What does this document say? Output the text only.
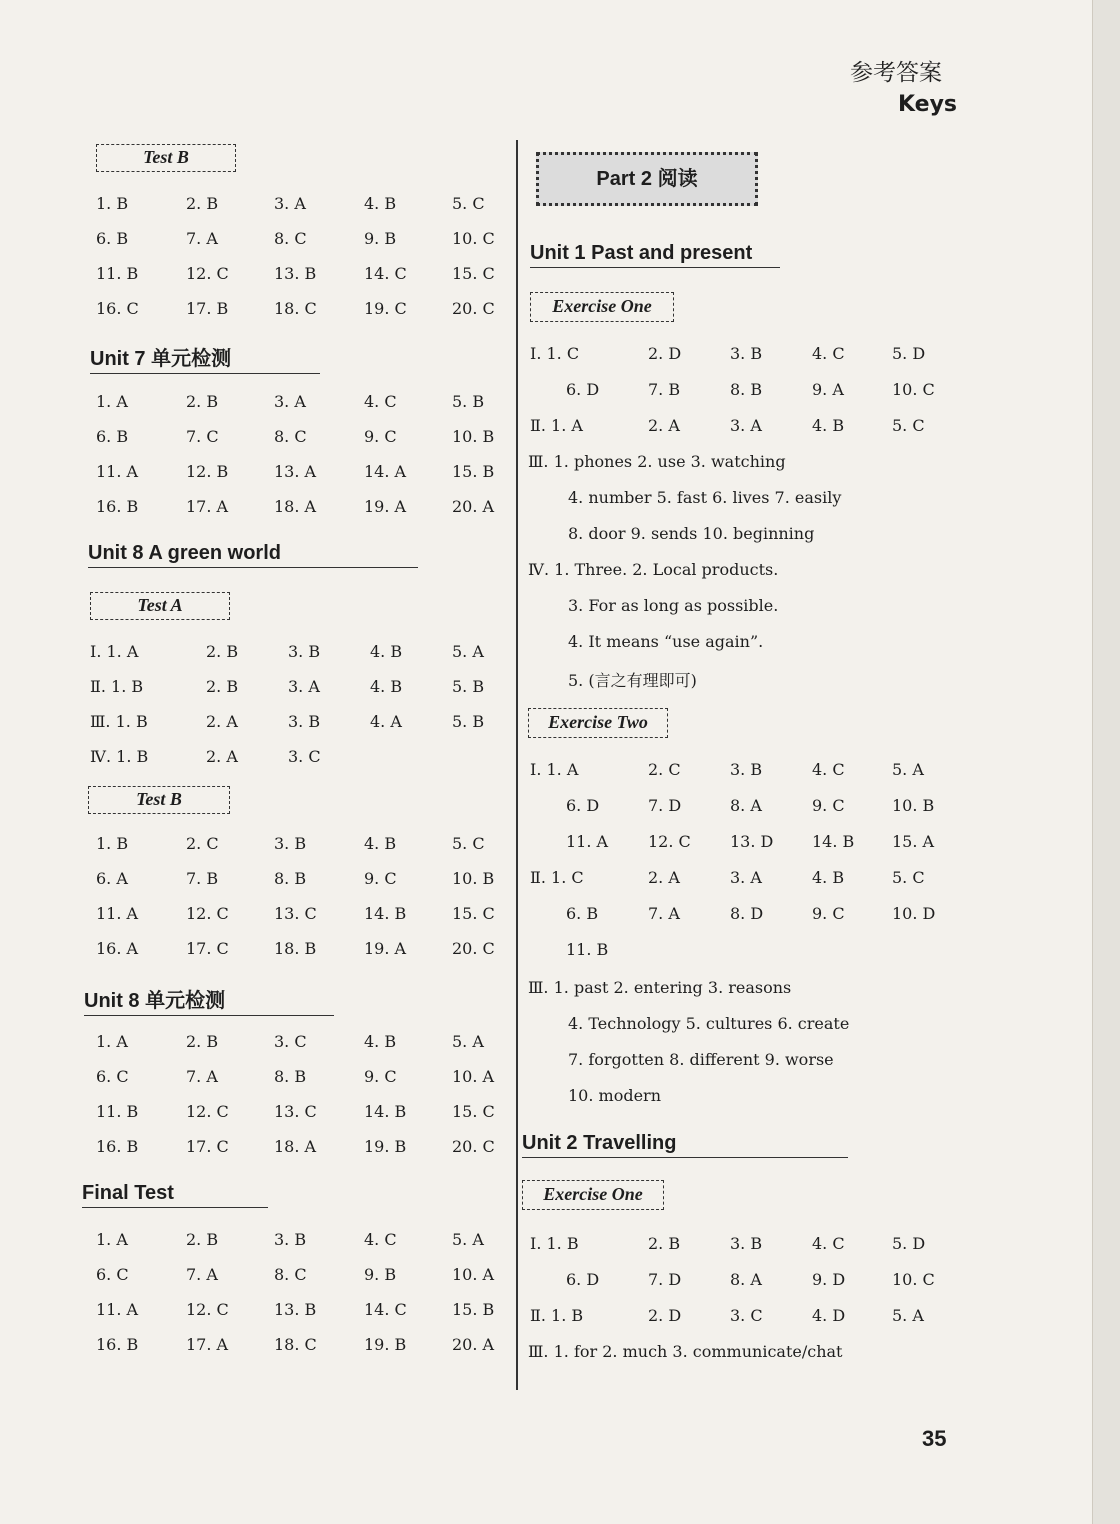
参考答案
Keys
Test B
1. B	2. B	3. A	4. B	5. C
6. B	7. A	8. C	9. B	10. C
11. B	12. C	13. B	14. C	15. C
16. C	17. B	18. C	19. C	20. C
Unit 7 单元检测
1. A	2. B	3. A	4. C	5. B
6. B	7. C	8. C	9. C	10. B
11. A	12. B	13. A	14. A	15. B
16. B	17. A	18. A	19. A	20. A
Unit 8 A green world
Test A
Ⅰ. 1. A	2. B	3. B	4. B	5. A
Ⅱ. 1. B	2. B	3. A	4. B	5. B
Ⅲ. 1. B	2. A	3. B	4. A	5. B
Ⅳ. 1. B	2. A	3. C
Test B
1. B	2. C	3. B	4. B	5. C
6. A	7. B	8. B	9. C	10. B
11. A	12. C	13. C	14. B	15. C
16. A	17. C	18. B	19. A	20. C
Unit 8 单元检测
1. A	2. B	3. C	4. B	5. A
6. C	7. A	8. B	9. C	10. A
11. B	12. C	13. C	14. B	15. C
16. B	17. C	18. A	19. B	20. C
Final Test
1. A	2. B	3. B	4. C	5. A
6. C	7. A	8. C	9. B	10. A
11. A	12. C	13. B	14. C	15. B
16. B	17. A	18. C	19. B	20. A
Part 2 阅读
Unit 1 Past and present
Exercise One
Ⅰ. 1. C	2. D	3. B	4. C	5. D
6. D	7. B	8. B	9. A	10. C
Ⅱ. 1. A	2. A	3. A	4. B	5. C
Ⅲ. 1. phones 2. use 3. watching
4. number 5. fast 6. lives 7. easily
8. door 9. sends 10. beginning
Ⅳ. 1. Three. 2. Local products.
3. For as long as possible.
4. It means “use again”.
5. (言之有理即可)
Exercise Two
Ⅰ. 1. A	2. C	3. B	4. C	5. A
6. D	7. D	8. A	9. C	10. B
11. A 12. C 13. D 14. B 15. A
Ⅱ. 1. C	2. A	3. A	4. B	5. C
6. B	7. A	8. D	9. C	10. D
11. B
Ⅲ. 1. past 2. entering 3. reasons
4. Technology 5. cultures 6. create
7. forgotten 8. different 9. worse
10. modern
Unit 2 Travelling
Exercise One
Ⅰ. 1. B	2. B	3. B	4. C	5. D
6. D	7. D	8. A	9. D	10. C
Ⅱ. 1. B	2. D	3. C	4. D	5. A
Ⅲ. 1. for 2. much 3. communicate/chat
35
